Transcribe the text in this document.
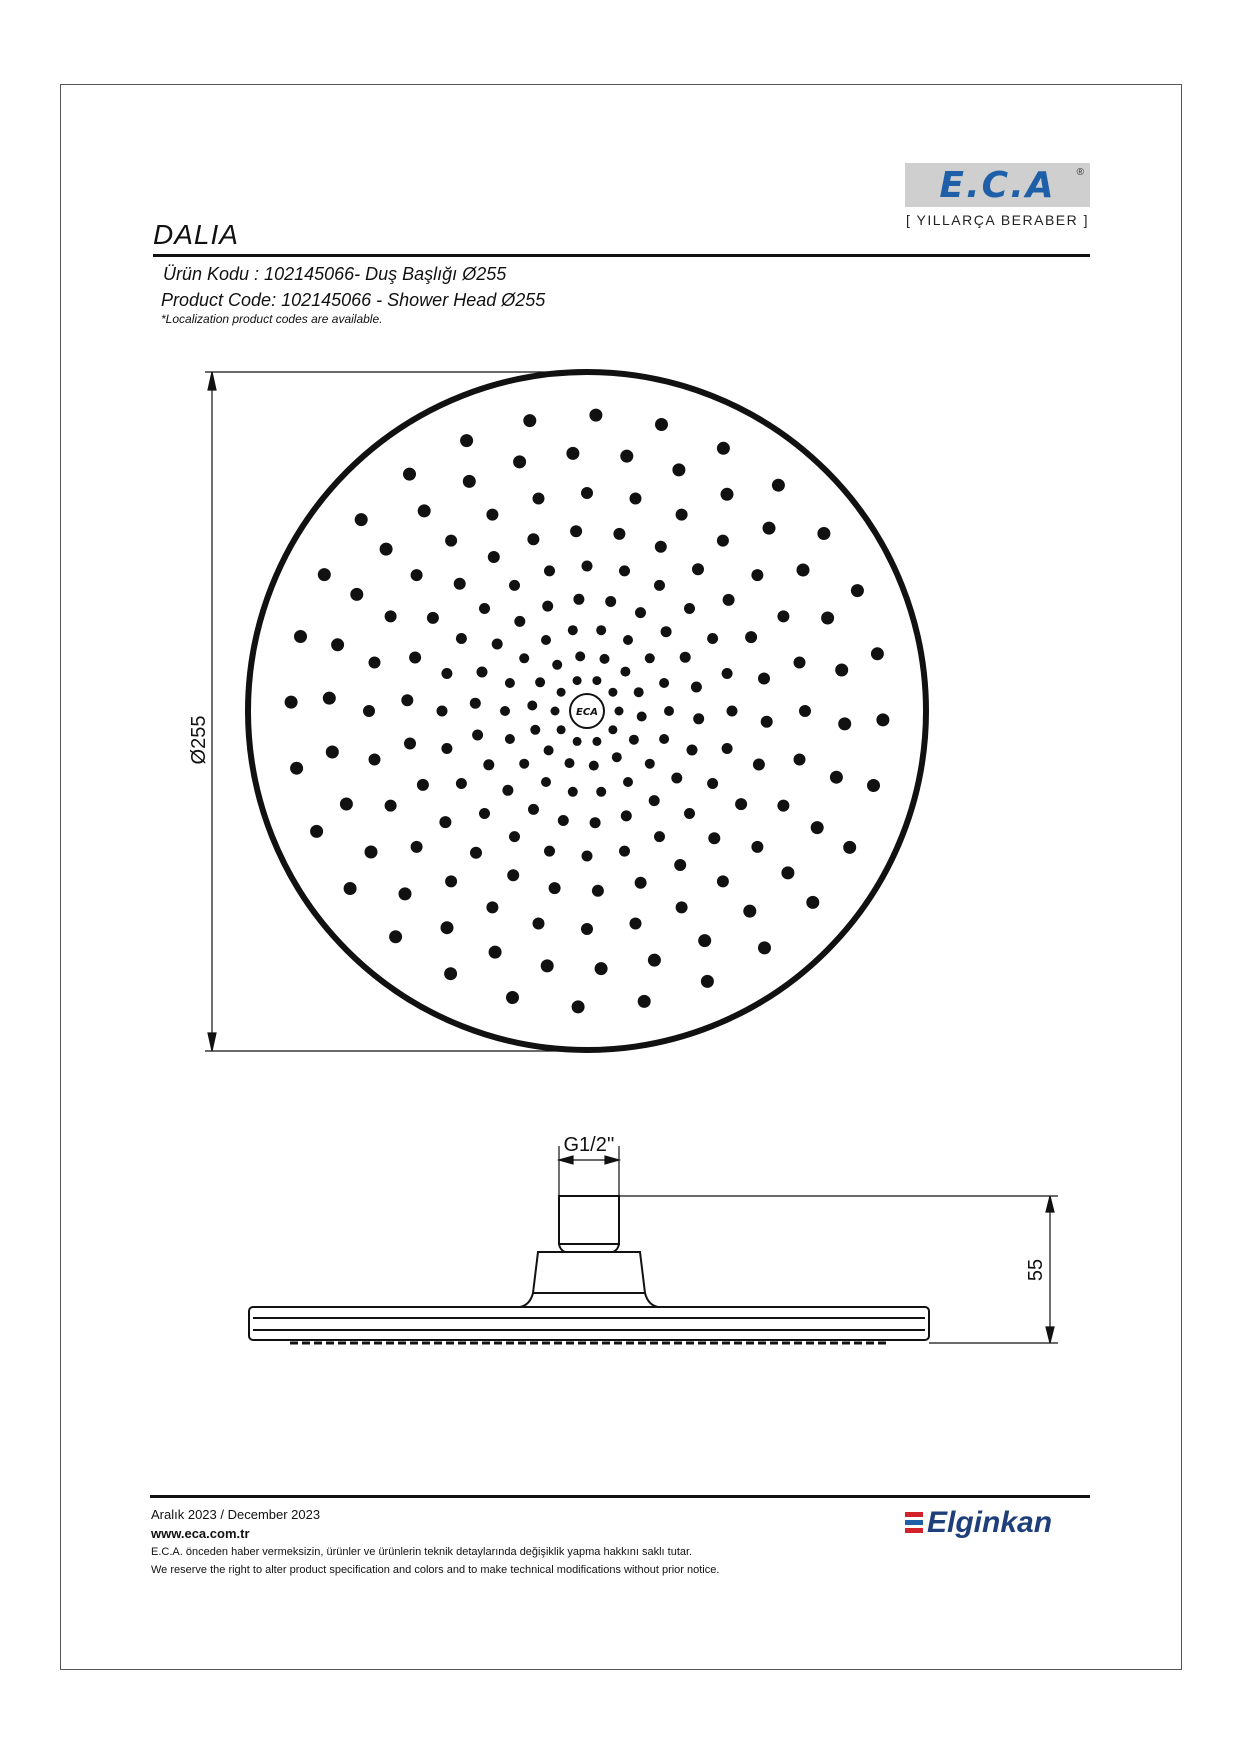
E.C.A	®
[ YILLARÇA BERABER ]
DALIA
Ürün Kodu : 102145066- Duş Başlığı Ø255
Product Code: 102145066 - Shower Head Ø255
*Localization product codes are available.
Ø255
ECA
G1/2''
55
Aralık 2023 / December 2023
www.eca.com.tr
E.C.A. önceden haber vermeksizin, ürünler ve ürünlerin teknik detaylarında değişiklik yapma hakkını saklı tutar.
We reserve the right to alter product specification and colors and to make technical modifications without prior notice.
Elginkan
